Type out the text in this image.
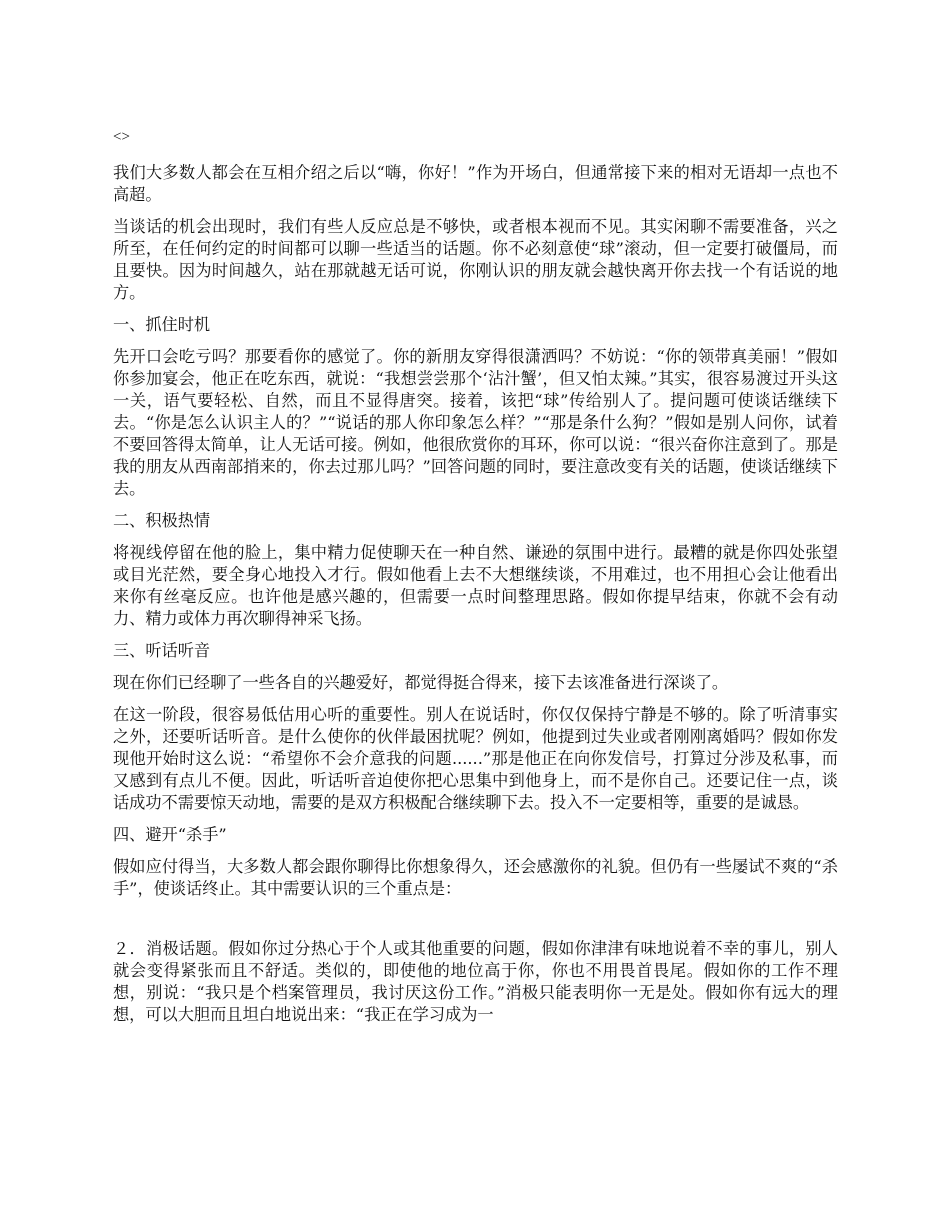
<>

我们大多数人都会在互相介绍之后以“嗨，你好！”作为开场白，但通常接下来的相对无语却一点也不高超。

当谈话的机会出现时，我们有些人反应总是不够快，或者根本视而不见。其实闲聊不需要准备，兴之所至，在任何约定的时间都可以聊一些适当的话题。你不必刻意使“球”滚动，但一定要打破僵局，而且要快。因为时间越久，站在那就越无话可说，你刚认识的朋友就会越快离开你去找一个有话说的地方。

一、抓住时机

先开口会吃亏吗？那要看你的感觉了。你的新朋友穿得很潇洒吗？不妨说：“你的领带真美丽！”假如你参加宴会，他正在吃东西，就说：“我想尝尝那个‘沾汁蟹’，但又怕太辣。”其实，很容易渡过开头这一关，语气要轻松、自然，而且不显得唐突。接着，该把“球”传给别人了。提问题可使谈话继续下去。“你是怎么认识主人的？”“说话的那人你印象怎么样？”“那是条什么狗？”假如是别人问你，试着不要回答得太简单，让人无话可接。例如，他很欣赏你的耳环，你可以说：“很兴奋你注意到了。那是我的朋友从西南部捎来的，你去过那儿吗？”回答问题的同时，要注意改变有关的话题，使谈话继续下去。

二、积极热情

将视线停留在他的脸上，集中精力促使聊天在一种自然、谦逊的氛围中进行。最糟的就是你四处张望或目光茫然，要全身心地投入才行。假如他看上去不大想继续谈，不用难过，也不用担心会让他看出来你有丝毫反应。也许他是感兴趣的，但需要一点时间整理思路。假如你提早结束，你就不会有动力、精力或体力再次聊得神采飞扬。

三、听话听音

现在你们已经聊了一些各自的兴趣爱好，都觉得挺合得来，接下去该准备进行深谈了。

在这一阶段，很容易低估用心听的重要性。别人在说话时，你仅仅保持宁静是不够的。除了听清事实之外，还要听话听音。是什么使你的伙伴最困扰呢？例如，他提到过失业或者刚刚离婚吗？假如你发现他开始时这么说：“希望你不会介意我的问题......”那是他正在向你发信号，打算过分涉及私事，而又感到有点儿不便。因此，听话听音迫使你把心思集中到他身上，而不是你自己。还要记住一点，谈话成功不需要惊天动地，需要的是双方积极配合继续聊下去。投入不一定要相等，重要的是诚恳。

四、避开“杀手”

假如应付得当，大多数人都会跟你聊得比你想象得久，还会感激你的礼貌。但仍有一些屡试不爽的“杀手”，使谈话终止。其中需要认识的三个重点是：

２．消极话题。假如你过分热心于个人或其他重要的问题，假如你津津有味地说着不幸的事儿，别人就会变得紧张而且不舒适。类似的，即使他的地位高于你，你也不用畏首畏尾。假如你的工作不理想，别说：“我只是个档案管理员，我讨厌这份工作。”消极只能表明你一无是处。假如你有远大的理想，可以大胆而且坦白地说出来：“我正在学习成为一
